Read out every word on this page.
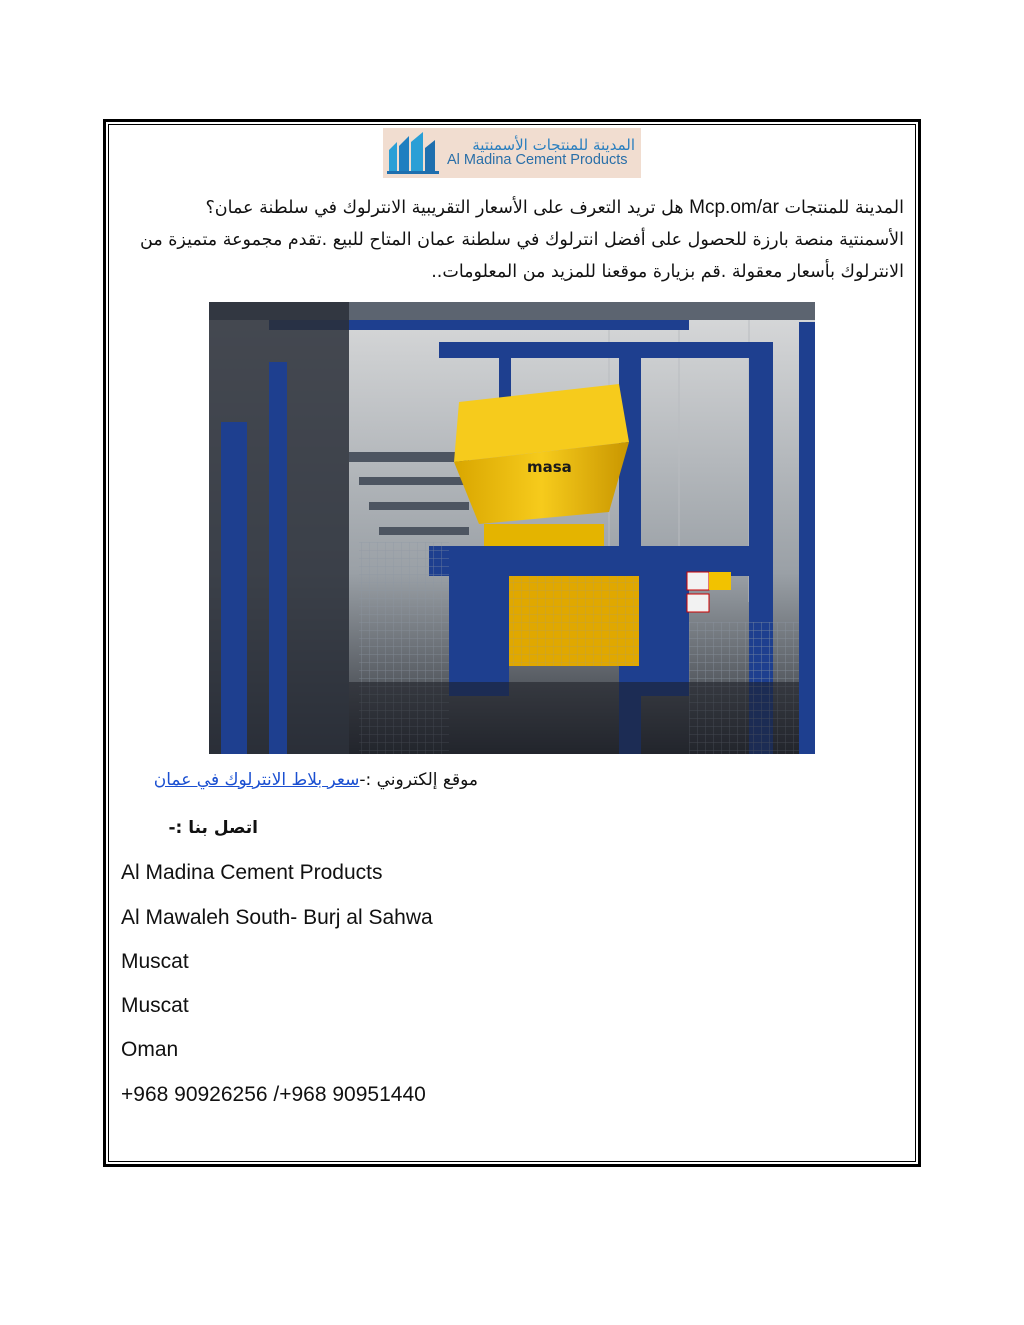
المدينة للمنتجات الأسمنتية
Al Madina Cement Products

المدينة للمنتجات Mcp.om/ar هل تريد التعرف على الأسعار التقريبية الانترلوك في سلطنة عمان؟
الأسمنتية منصة بارزة للحصول على أفضل انترلوك في سلطنة عمان المتاح للبيع .تقدم مجموعة متميزة من
الانترلوك بأسعار معقولة .قم بزيارة موقعنا للمزيد من المعلومات..

masa

موقع إلكتروني :-سعر بلاط الانترلوك في عمان

اتصل بنا :-

Al Madina Cement Products

Al Mawaleh South- Burj al Sahwa

Muscat

Muscat

Oman

+968 90926256 /+968 90951440
